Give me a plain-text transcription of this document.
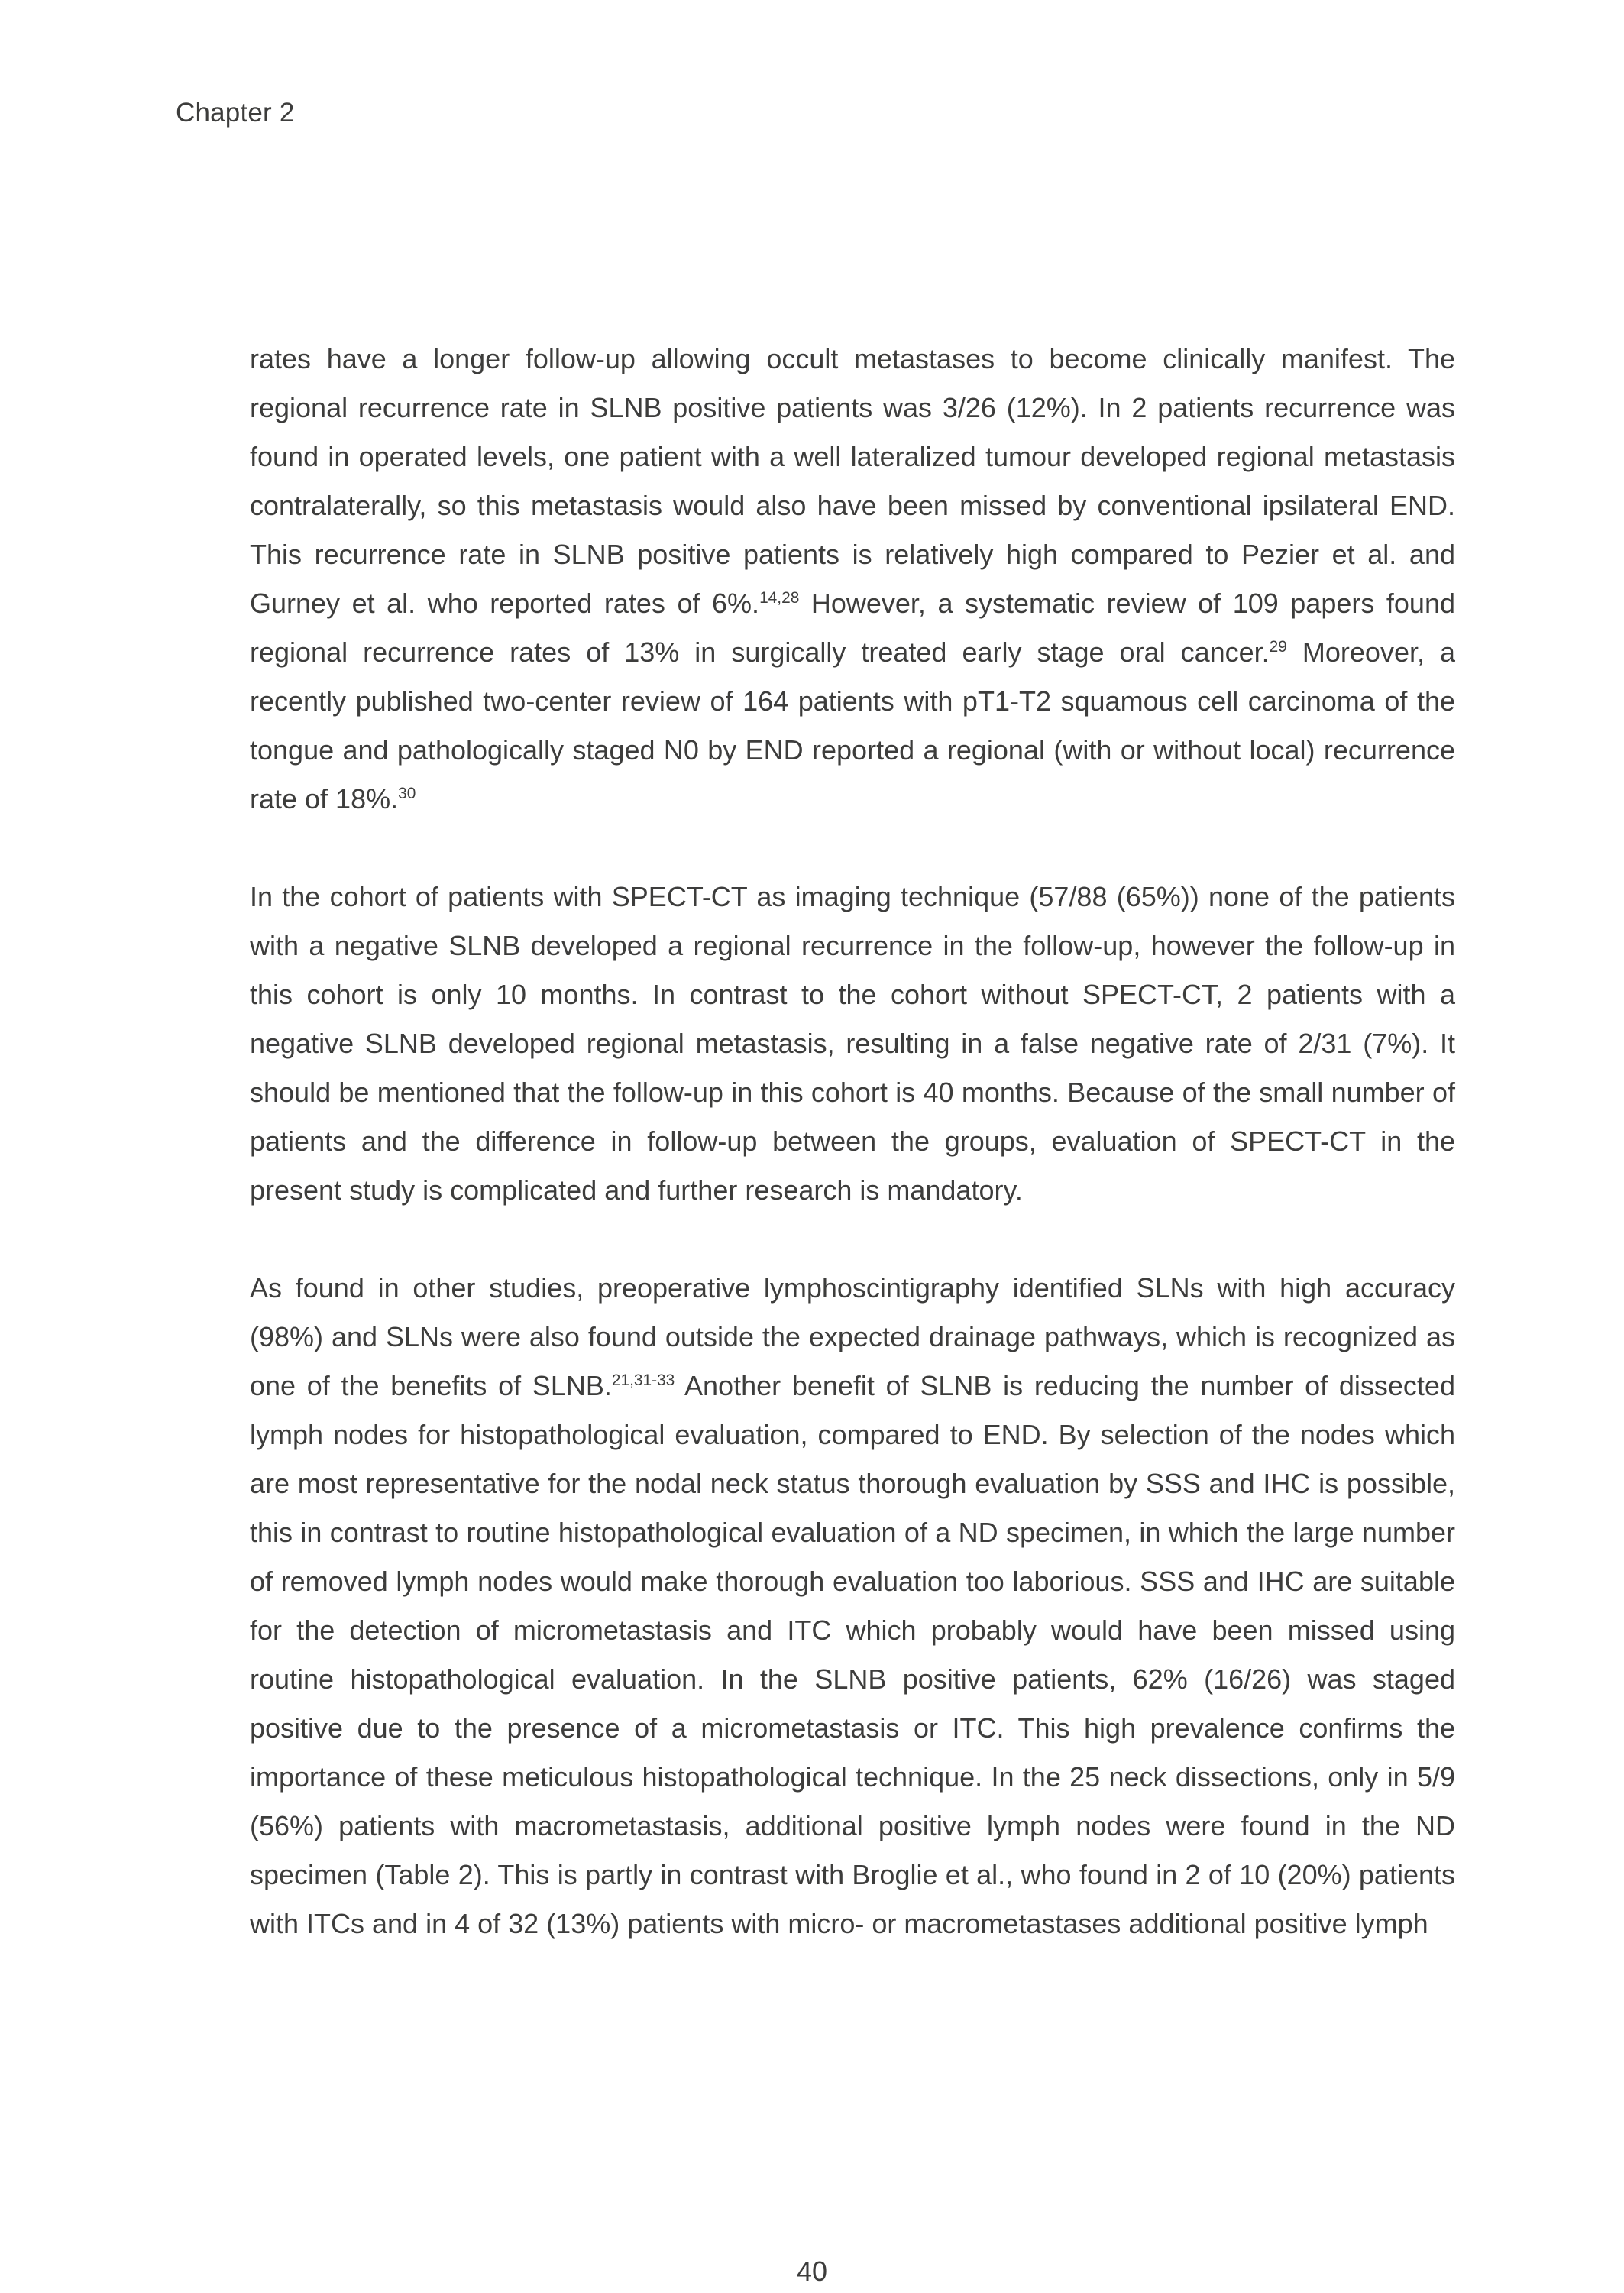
Chapter 2

rates have a longer follow-up allowing occult metastases to become clinically manifest. The regional recurrence rate in SLNB positive patients was 3/26 (12%). In 2 patients recurrence was found in operated levels, one patient with a well lateralized tumour developed regional metastasis contralaterally, so this metastasis would also have been missed by conventional ipsilateral END. This recurrence rate in SLNB positive patients is relatively high compared to Pezier et al. and Gurney et al. who reported rates of 6%.$^{14,28}$ However, a systematic review of 109 papers found regional recurrence rates of 13% in surgically treated early stage oral cancer.$^{29}$ Moreover, a recently published two-center review of 164 patients with pT1-T2 squamous cell carcinoma of the tongue and pathologically staged N0 by END reported a regional (with or without local) recurrence rate of 18%.$^{30}$

In the cohort of patients with SPECT-CT as imaging technique (57/88 (65%)) none of the patients with a negative SLNB developed a regional recurrence in the follow-up, however the follow-up in this cohort is only 10 months. In contrast to the cohort without SPECT-CT, 2 patients with a negative SLNB developed regional metastasis, resulting in a false negative rate of 2/31 (7%). It should be mentioned that the follow-up in this cohort is 40 months. Because of the small number of patients and the difference in follow-up between the groups, evaluation of SPECT-CT in the present study is complicated and further research is mandatory.

As found in other studies, preoperative lymphoscintigraphy identified SLNs with high accuracy (98%) and SLNs were also found outside the expected drainage pathways, which is recognized as one of the benefits of SLNB.$^{21,31-33}$ Another benefit of SLNB is reducing the number of dissected lymph nodes for histopathological evaluation, compared to END. By selection of the nodes which are most representative for the nodal neck status thorough evaluation by SSS and IHC is possible, this in contrast to routine histopathological evaluation of a ND specimen, in which the large number of removed lymph nodes would make thorough evaluation too laborious. SSS and IHC are suitable for the detection of micrometastasis and ITC which probably would have been missed using routine histopathological evaluation. In the SLNB positive patients, 62% (16/26) was staged positive due to the presence of a micrometastasis or ITC. This high prevalence confirms the importance of these meticulous histopathological technique. In the 25 neck dissections, only in 5/9 (56%) patients with macrometastasis, additional positive lymph nodes were found in the ND specimen (Table 2). This is partly in contrast with Broglie et al., who found in 2 of 10 (20%) patients with ITCs and in 4 of 32 (13%) patients with micro- or macrometastases additional positive lymph

40
